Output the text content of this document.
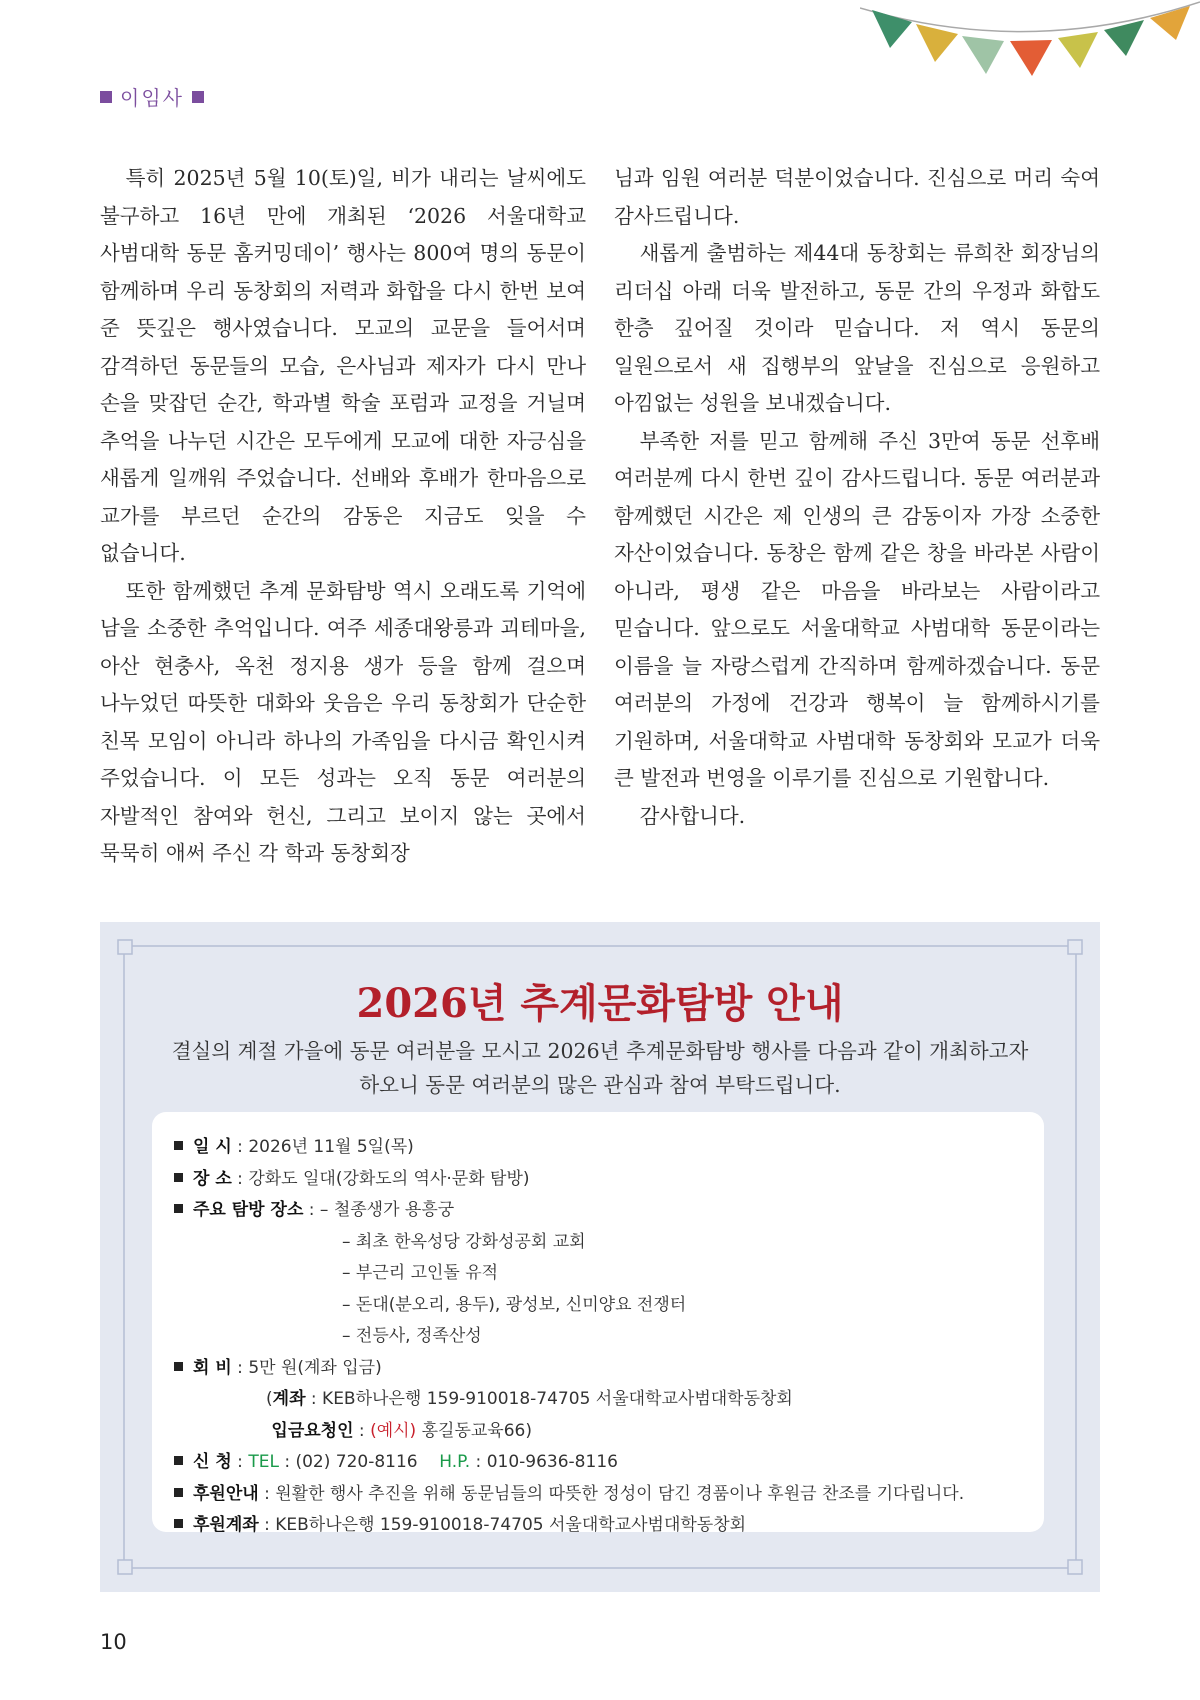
이임사

특히 2025년 5월 10(토)일, 비가 내리는 날씨에도 불구하고 16년 만에 개최된 ‘2026 서울대학교 사범대학 동문 홈커밍데이’ 행사는 800여 명의 동문이 함께하며 우리 동창회의 저력과 화합을 다시 한번 보여 준 뜻깊은 행사였습니다. 모교의 교문을 들어서며 감격하던 동문들의 모습, 은사님과 제자가 다시 만나 손을 맞잡던 순간, 학과별 학술 포럼과 교정을 거닐며 추억을 나누던 시간은 모두에게 모교에 대한 자긍심을 새롭게 일깨워 주었습니다. 선배와 후배가 한마음으로 교가를 부르던 순간의 감동은 지금도 잊을 수 없습니다.

또한 함께했던 추계 문화탐방 역시 오래도록 기억에 남을 소중한 추억입니다. 여주 세종대왕릉과 괴테마을, 아산 현충사, 옥천 정지용 생가 등을 함께 걸으며 나누었던 따뜻한 대화와 웃음은 우리 동창회가 단순한 친목 모임이 아니라 하나의 가족임을 다시금 확인시켜 주었습니다. 이 모든 성과는 오직 동문 여러분의 자발적인 참여와 헌신, 그리고 보이지 않는 곳에서 묵묵히 애써 주신 각 학과 동창회장

님과 임원 여러분 덕분이었습니다. 진심으로 머리 숙여 감사드립니다.

새롭게 출범하는 제44대 동창회는 류희찬 회장님의 리더십 아래 더욱 발전하고, 동문 간의 우정과 화합도 한층 깊어질 것이라 믿습니다. 저 역시 동문의 일원으로서 새 집행부의 앞날을 진심으로 응원하고 아낌없는 성원을 보내겠습니다.

부족한 저를 믿고 함께해 주신 3만여 동문 선후배 여러분께 다시 한번 깊이 감사드립니다. 동문 여러분과 함께했던 시간은 제 인생의 큰 감동이자 가장 소중한 자산이었습니다. 동창은 함께 같은 창을 바라본 사람이 아니라, 평생 같은 마음을 바라보는 사람이라고 믿습니다. 앞으로도 서울대학교 사범대학 동문이라는 이름을 늘 자랑스럽게 간직하며 함께하겠습니다. 동문 여러분의 가정에 건강과 행복이 늘 함께하시기를 기원하며, 서울대학교 사범대학 동창회와 모교가 더욱 큰 발전과 번영을 이루기를 진심으로 기원합니다.

감사합니다.

2026년 추계문화탐방 안내
결실의 계절 가을에 동문 여러분을 모시고 2026년 추계문화탐방 행사를 다음과 같이 개최하고자
하오니 동문 여러분의 많은 관심과 참여 부탁드립니다.
일 시 : 2026년 11월 5일(목)
장 소 : 강화도 일대(강화도의 역사·문화 탐방)
주요 탐방 장소 : – 철종생가 용흥궁
– 최초 한옥성당 강화성공회 교회
– 부근리 고인돌 유적
– 돈대(분오리, 용두), 광성보, 신미양요 전쟁터
– 전등사, 정족산성
회 비 : 5만 원(계좌 입금)
(계좌 : KEB하나은행 159-910018-74705 서울대학교사범대학동창회
입금요청인 : (예시) 홍길동교육66)
신 청 : TEL : (02) 720-8116 H.P. : 010-9636-8116
후원안내 : 원활한 행사 추진을 위해 동문님들의 따뜻한 정성이 담긴 경품이나 후원금 찬조를 기다립니다.
후원계좌 : KEB하나은행 159-910018-74705 서울대학교사범대학동창회
10
